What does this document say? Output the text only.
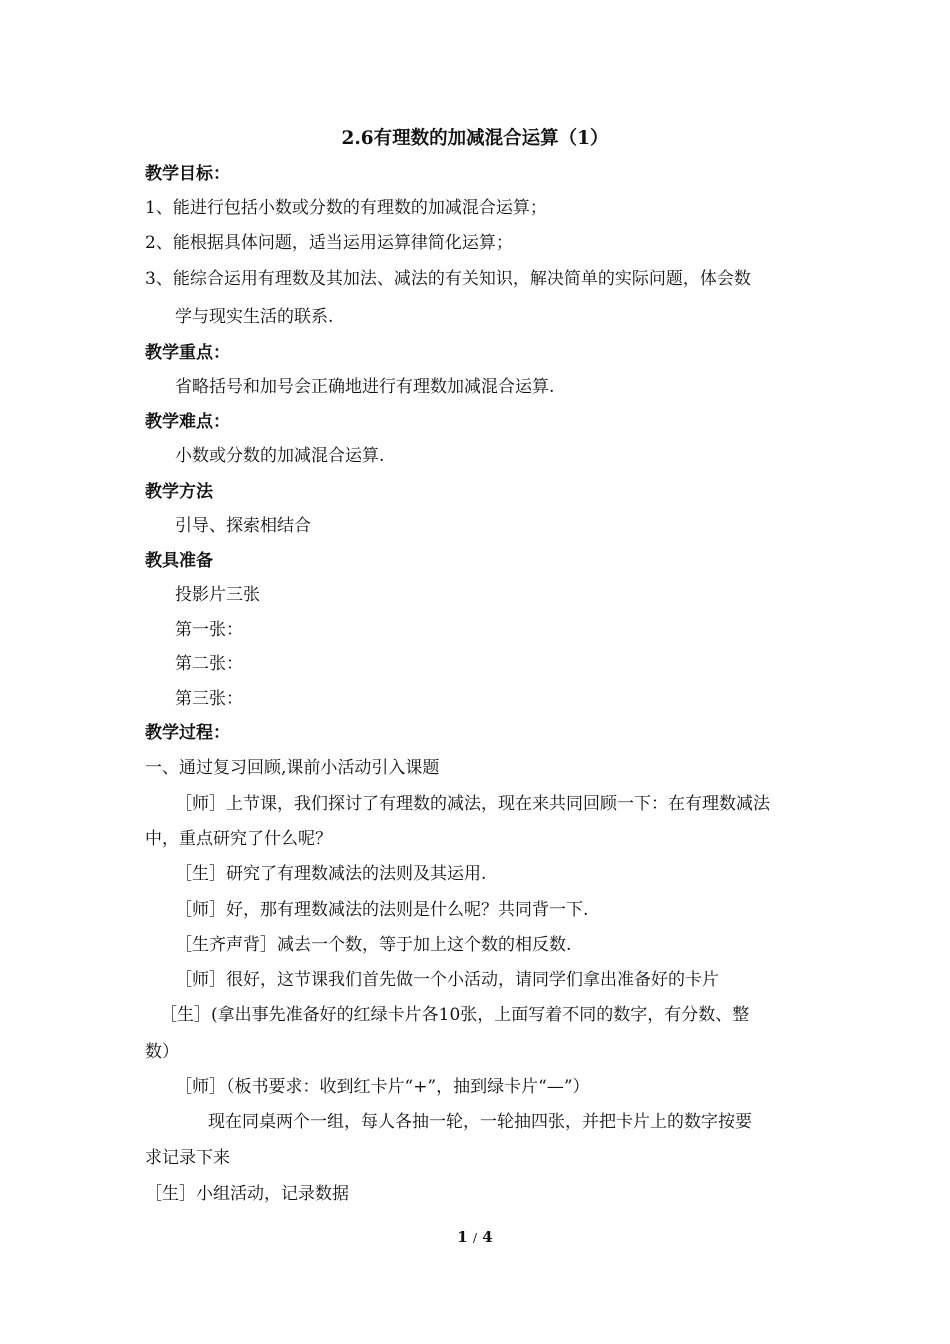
2.6有理数的加减混合运算（1）
教学目标：
1、能进行包括小数或分数的有理数的加减混合运算；
2、能根据具体问题，适当运用运算律简化运算；
3、能综合运用有理数及其加法、减法的有关知识，解决简单的实际问题，体会数
学与现实生活的联系.
教学重点：
省略括号和加号会正确地进行有理数加减混合运算.
教学难点：
小数或分数的加减混合运算.
教学方法
引导、探索相结合
教具准备
投影片三张
第一张：
第二张：
第三张：
教学过程：
一、通过复习回顾,课前小活动引入课题
［师］上节课，我们探讨了有理数的减法，现在来共同回顾一下：在有理数减法
中，重点研究了什么呢？
［生］研究了有理数减法的法则及其运用.
［师］好，那有理数减法的法则是什么呢？共同背一下.
［生齐声背］减去一个数，等于加上这个数的相反数.
［师］很好，这节课我们首先做一个小活动，请同学们拿出准备好的卡片
［生］(拿出事先准备好的红绿卡片各10张，上面写着不同的数字，有分数、整
数）
［师］（板书要求：收到红卡片“+”，抽到绿卡片“—”）
现在同桌两个一组，每人各抽一轮，一轮抽四张，并把卡片上的数字按要
求记录下来
［生］小组活动，记录数据
1 / 4
